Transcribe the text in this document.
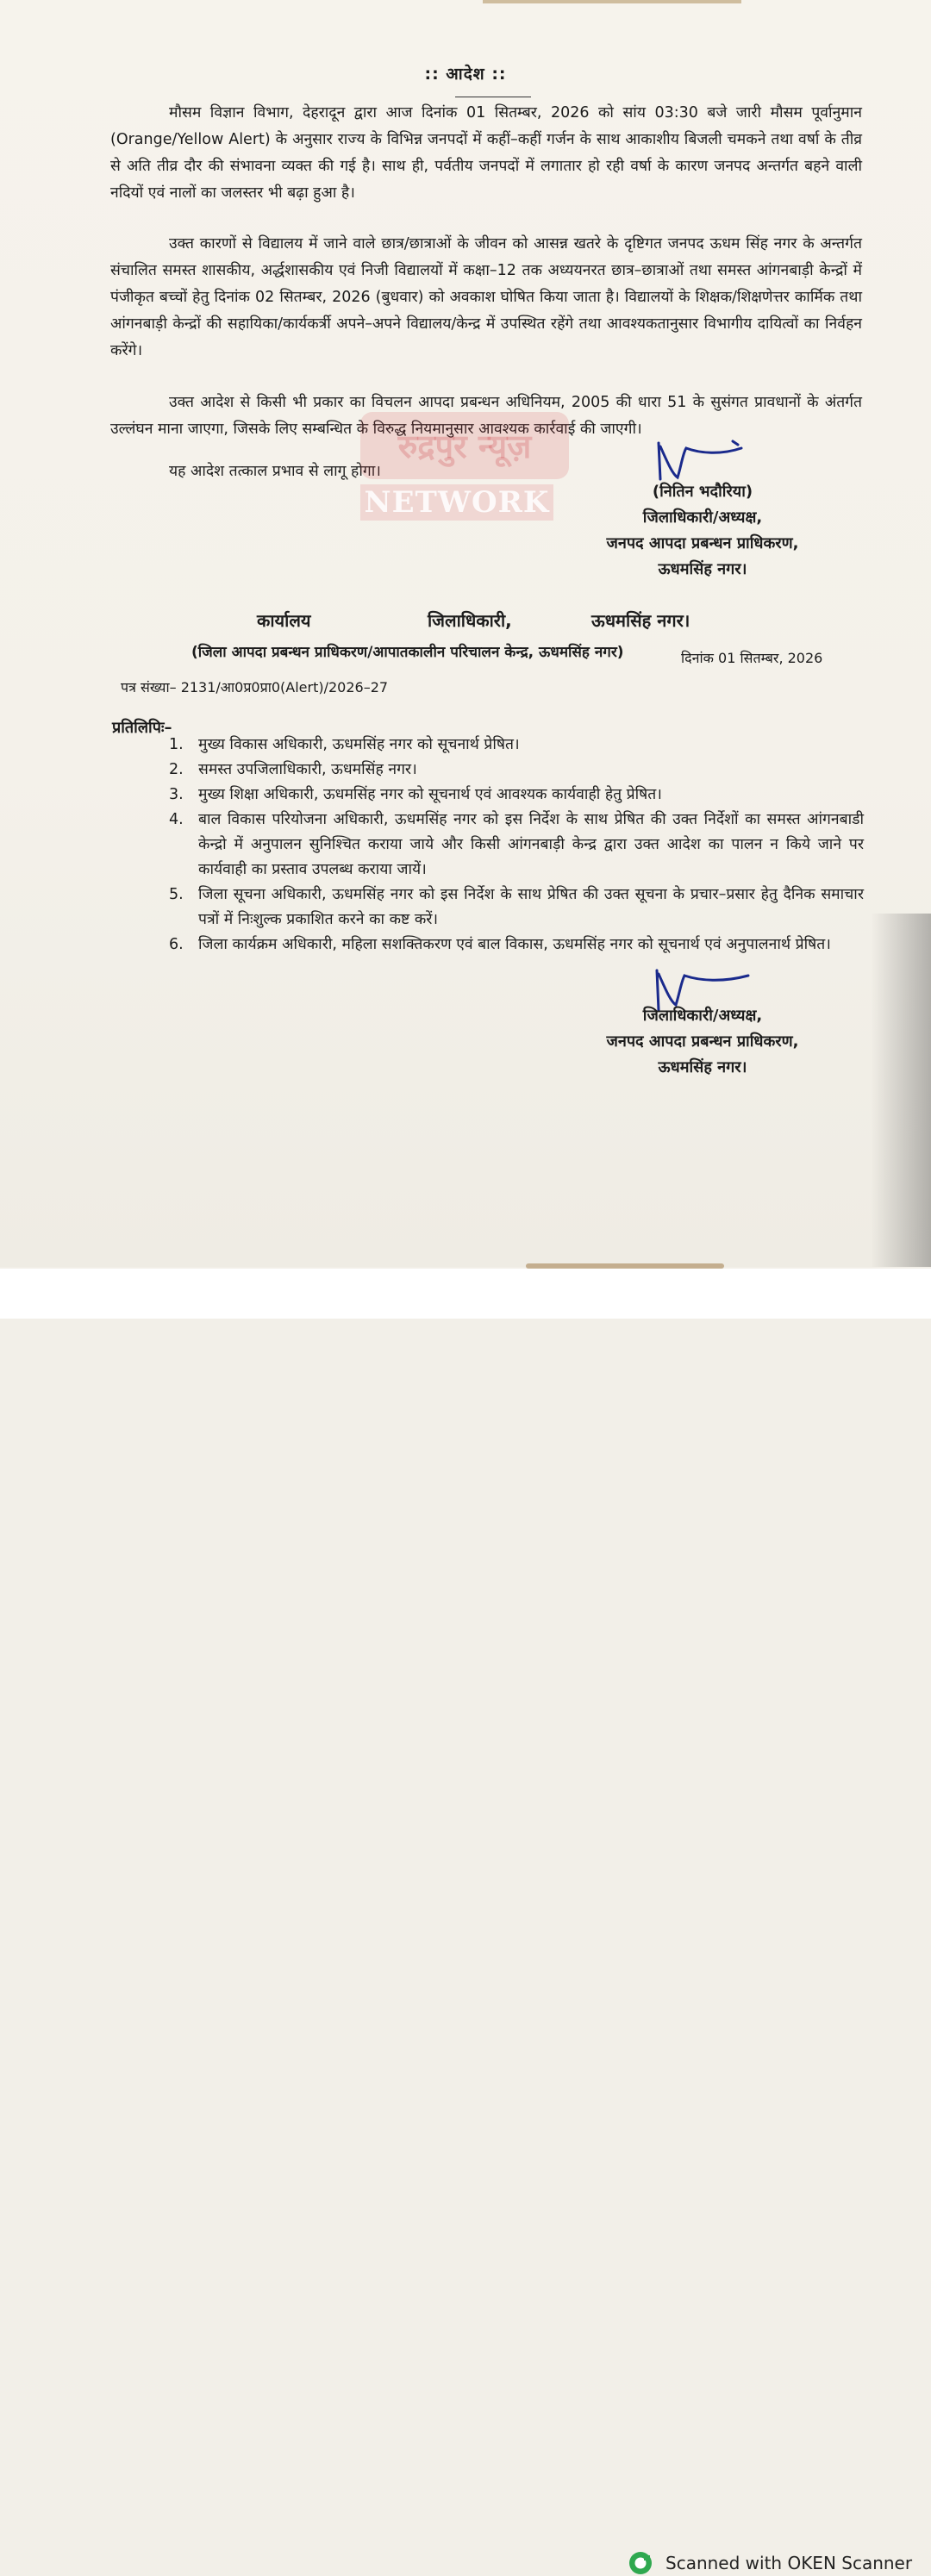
:: आदेश ::

मौसम विज्ञान विभाग, देहरादून द्वारा आज दिनांक 01 सितम्बर, 2026 को सांय 03:30 बजे जारी मौसम पूर्वानुमान (Orange/Yellow Alert) के अनुसार राज्य के विभिन्न जनपदों में कहीं–कहीं गर्जन के साथ आकाशीय बिजली चमकने तथा वर्षा के तीव्र से अति तीव्र दौर की संभावना व्यक्त की गई है। साथ ही, पर्वतीय जनपदों में लगातार हो रही वर्षा के कारण जनपद अन्तर्गत बहने वाली नदियों एवं नालों का जलस्तर भी बढ़ा हुआ है।

उक्त कारणों से विद्यालय में जाने वाले छात्र/छात्राओं के जीवन को आसन्न खतरे के दृष्टिगत जनपद ऊधम सिंह नगर के अन्तर्गत संचालित समस्त शासकीय, अर्द्धशासकीय एवं निजी विद्यालयों में कक्षा–12 तक अध्ययनरत छात्र–छात्राओं तथा समस्त आंगनबाड़ी केन्द्रों में पंजीकृत बच्चों हेतु दिनांक 02 सितम्बर, 2026 (बुधवार) को अवकाश घोषित किया जाता है। विद्यालयों के शिक्षक/शिक्षणेत्तर कार्मिक तथा आंगनबाड़ी केन्द्रों की सहायिका/कार्यकर्त्री अपने–अपने विद्यालय/केन्द्र में उपस्थित रहेंगे तथा आवश्यकतानुसार विभागीय दायित्वों का निर्वहन करेंगे।

उक्त आदेश से किसी भी प्रकार का विचलन आपदा प्रबन्धन अधिनियम, 2005 की धारा 51 के सुसंगत प्रावधानों के अंतर्गत उल्लंघन माना जाएगा, जिसके लिए सम्बन्धित के विरुद्ध नियमानुसार आवश्यक कार्रवाई की जाएगी।

यह आदेश तत्काल प्रभाव से लागू होगा।

रुद्रपुर न्यूज़
NETWORK	(नितिन भदौरिया)
जिलाधिकारी/अध्यक्ष,
जनपद आपदा प्रबन्धन प्राधिकरण,
ऊधमसिंह नगर।
कार्यालय	जिलाधिकारी,	ऊधमसिंह नगर।
(जिला आपदा प्रबन्धन प्राधिकरण/आपातकालीन परिचालन केन्द्र, ऊधमसिंह नगर)	दिनांक 01 सितम्बर, 2026
पत्र संख्या– 2131/आ0प्र0प्रा0(Alert)/2026–27
प्रतिलिपिः–

1. मुख्य विकास अधिकारी, ऊधमसिंह नगर को सूचनार्थ प्रेषित।

2. समस्त उपजिलाधिकारी, ऊधमसिंह नगर।

3. मुख्य शिक्षा अधिकारी, ऊधमसिंह नगर को सूचनार्थ एवं आवश्यक कार्यवाही हेतु प्रेषित।

4. बाल विकास परियोजना अधिकारी, ऊधमसिंह नगर को इस निर्देश के साथ प्रेषित की उक्त निर्देशों का समस्त आंगनबाडी केन्द्रो में अनुपालन सुनिश्चित कराया जाये और किसी आंगनबाड़ी केन्द्र द्वारा उक्त आदेश का पालन न किये जाने पर कार्यवाही का प्रस्ताव उपलब्ध कराया जायें।

5. जिला सूचना अधिकारी, ऊधमसिंह नगर को इस निर्देश के साथ प्रेषित की उक्त सूचना के प्रचार–प्रसार हेतु दैनिक समाचार पत्रों में निःशुल्क प्रकाशित करने का कष्ट करें।

6. जिला कार्यक्रम अधिकारी, महिला सशक्तिकरण एवं बाल विकास, ऊधमसिंह नगर को सूचनार्थ एवं अनुपालनार्थ प्रेषित।

जिलाधिकारी/अध्यक्ष,
जनपद आपदा प्रबन्धन प्राधिकरण,
ऊधमसिंह नगर।
Scanned with OKEN Scanner
